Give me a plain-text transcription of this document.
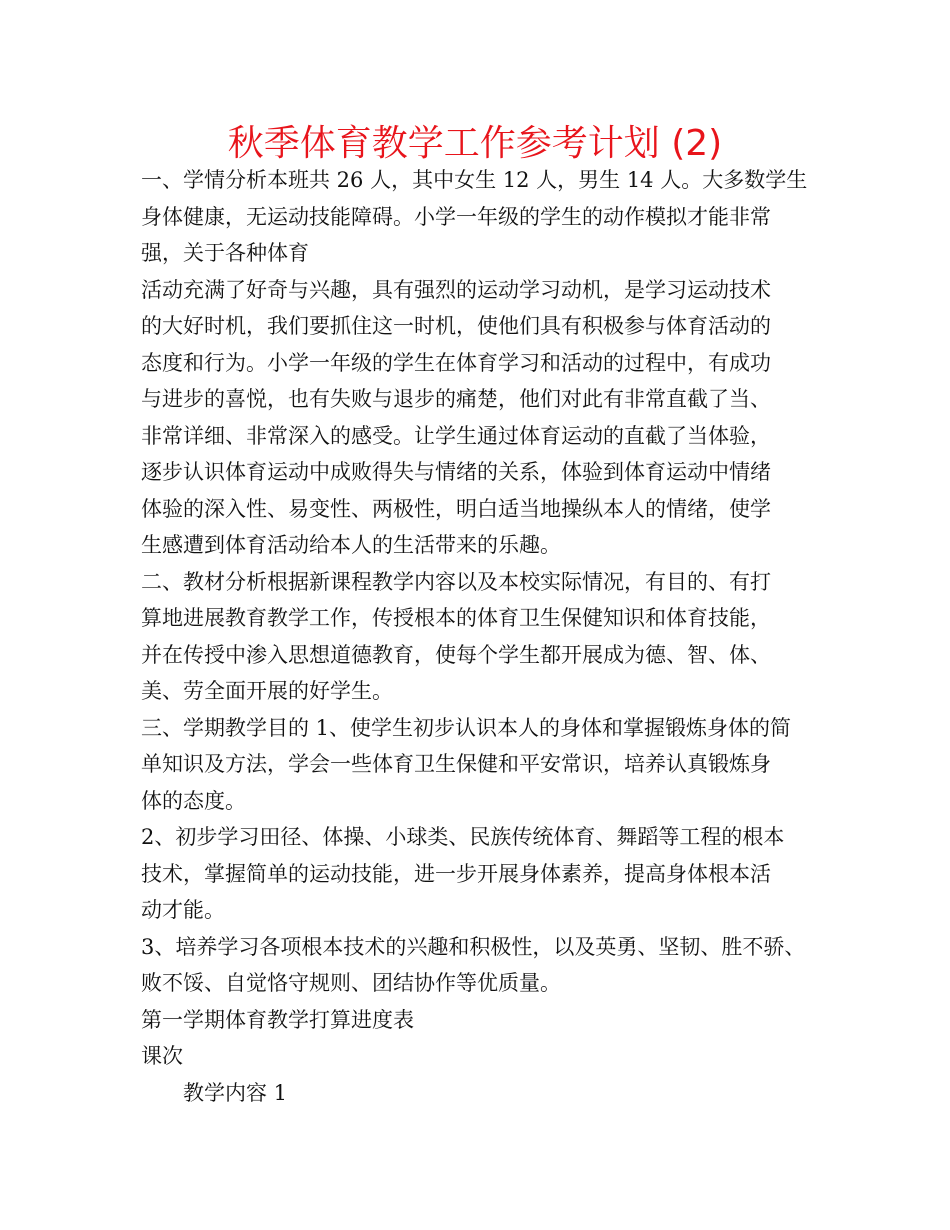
秋季体育教学工作参考计划 (2)
一、学情分析本班共 26 人，其中女生 12 人，男生 14 人。大多数学生
身体健康，无运动技能障碍。小学一年级的学生的动作模拟才能非常
强，关于各种体育
活动充满了好奇与兴趣，具有强烈的运动学习动机，是学习运动技术
的大好时机，我们要抓住这一时机，使他们具有积极参与体育活动的
态度和行为。小学一年级的学生在体育学习和活动的过程中，有成功
与进步的喜悦，也有失败与退步的痛楚，他们对此有非常直截了当、
非常详细、非常深入的感受。让学生通过体育运动的直截了当体验，
逐步认识体育运动中成败得失与情绪的关系，体验到体育运动中情绪
体验的深入性、易变性、两极性，明白适当地操纵本人的情绪，使学
生感遭到体育活动给本人的生活带来的乐趣。
二、教材分析根据新课程教学内容以及本校实际情况，有目的、有打
算地进展教育教学工作，传授根本的体育卫生保健知识和体育技能，
并在传授中渗入思想道德教育，使每个学生都开展成为德、智、体、
美、劳全面开展的好学生。
三、学期教学目的 1、使学生初步认识本人的身体和掌握锻炼身体的简
单知识及方法，学会一些体育卫生保健和平安常识，培养认真锻炼身
体的态度。
2、初步学习田径、体操、小球类、民族传统体育、舞蹈等工程的根本
技术，掌握简单的运动技能，进一步开展身体素养，提高身体根本活
动才能。
3、培养学习各项根本技术的兴趣和积极性，以及英勇、坚韧、胜不骄、
败不馁、自觉恪守规则、团结协作等优质量。
第一学期体育教学打算进度表
课次
教学内容 1
